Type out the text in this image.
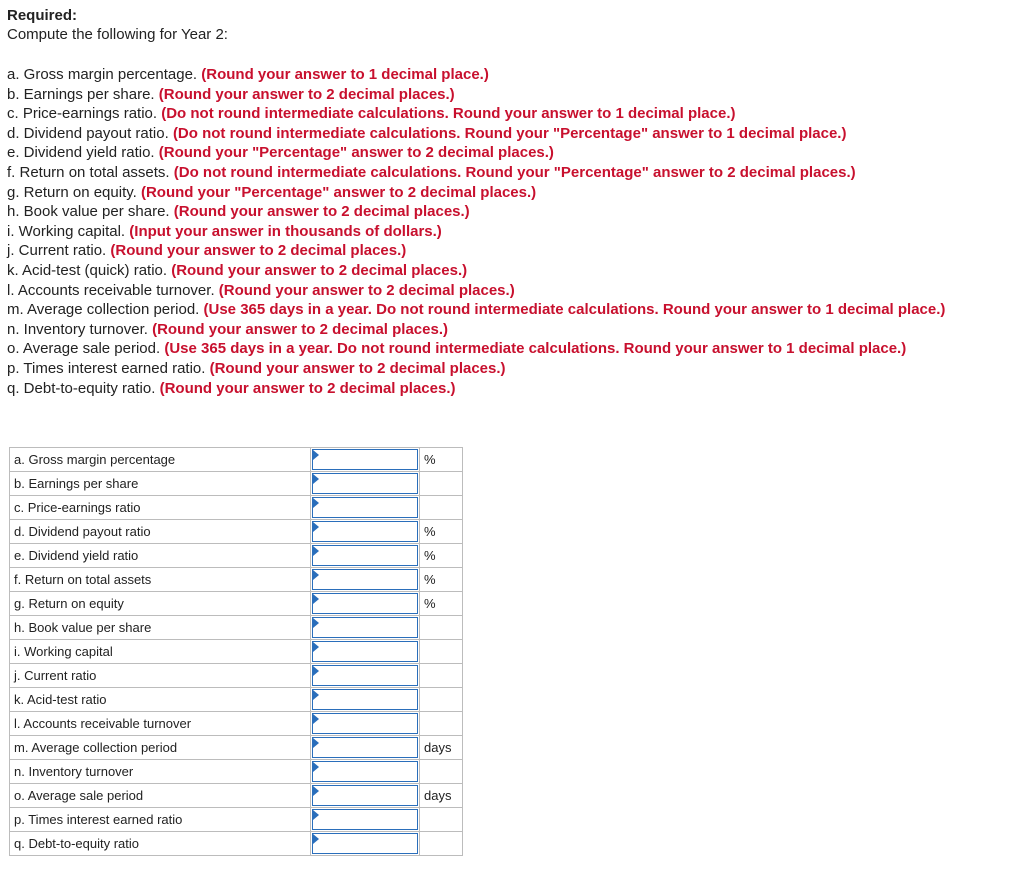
Required:

Compute the following for Year 2:

a. Gross margin percentage. (Round your answer to 1 decimal place.)
b. Earnings per share. (Round your answer to 2 decimal places.)
c. Price-earnings ratio. (Do not round intermediate calculations. Round your answer to 1 decimal place.)
d. Dividend payout ratio. (Do not round intermediate calculations. Round your "Percentage" answer to 1 decimal place.)
e. Dividend yield ratio. (Round your "Percentage" answer to 2 decimal places.)
f. Return on total assets. (Do not round intermediate calculations. Round your "Percentage" answer to 2 decimal places.)
g. Return on equity. (Round your "Percentage" answer to 2 decimal places.)
h. Book value per share. (Round your answer to 2 decimal places.)
i. Working capital. (Input your answer in thousands of dollars.)
j. Current ratio. (Round your answer to 2 decimal places.)
k. Acid-test (quick) ratio. (Round your answer to 2 decimal places.)
l. Accounts receivable turnover. (Round your answer to 2 decimal places.)
m. Average collection period. (Use 365 days in a year. Do not round intermediate calculations. Round your answer to 1 decimal place.)
n. Inventory turnover. (Round your answer to 2 decimal places.)
o. Average sale period. (Use 365 days in a year. Do not round intermediate calculations. Round your answer to 1 decimal place.)
p. Times interest earned ratio. (Round your answer to 2 decimal places.)
q. Debt-to-equity ratio. (Round your answer to 2 decimal places.)
a. Gross margin percentage		%
b. Earnings per share	

c. Price-earnings ratio	

d. Dividend payout ratio		%
e. Dividend yield ratio		%
f. Return on total assets		%
g. Return on equity		%
h. Book value per share	

i. Working capital	

j. Current ratio	

k. Acid-test ratio	

l. Accounts receivable turnover	

m. Average collection period		days
n. Inventory turnover	

o. Average sale period		days
p. Times interest earned ratio	

q. Debt-to-equity ratio	
